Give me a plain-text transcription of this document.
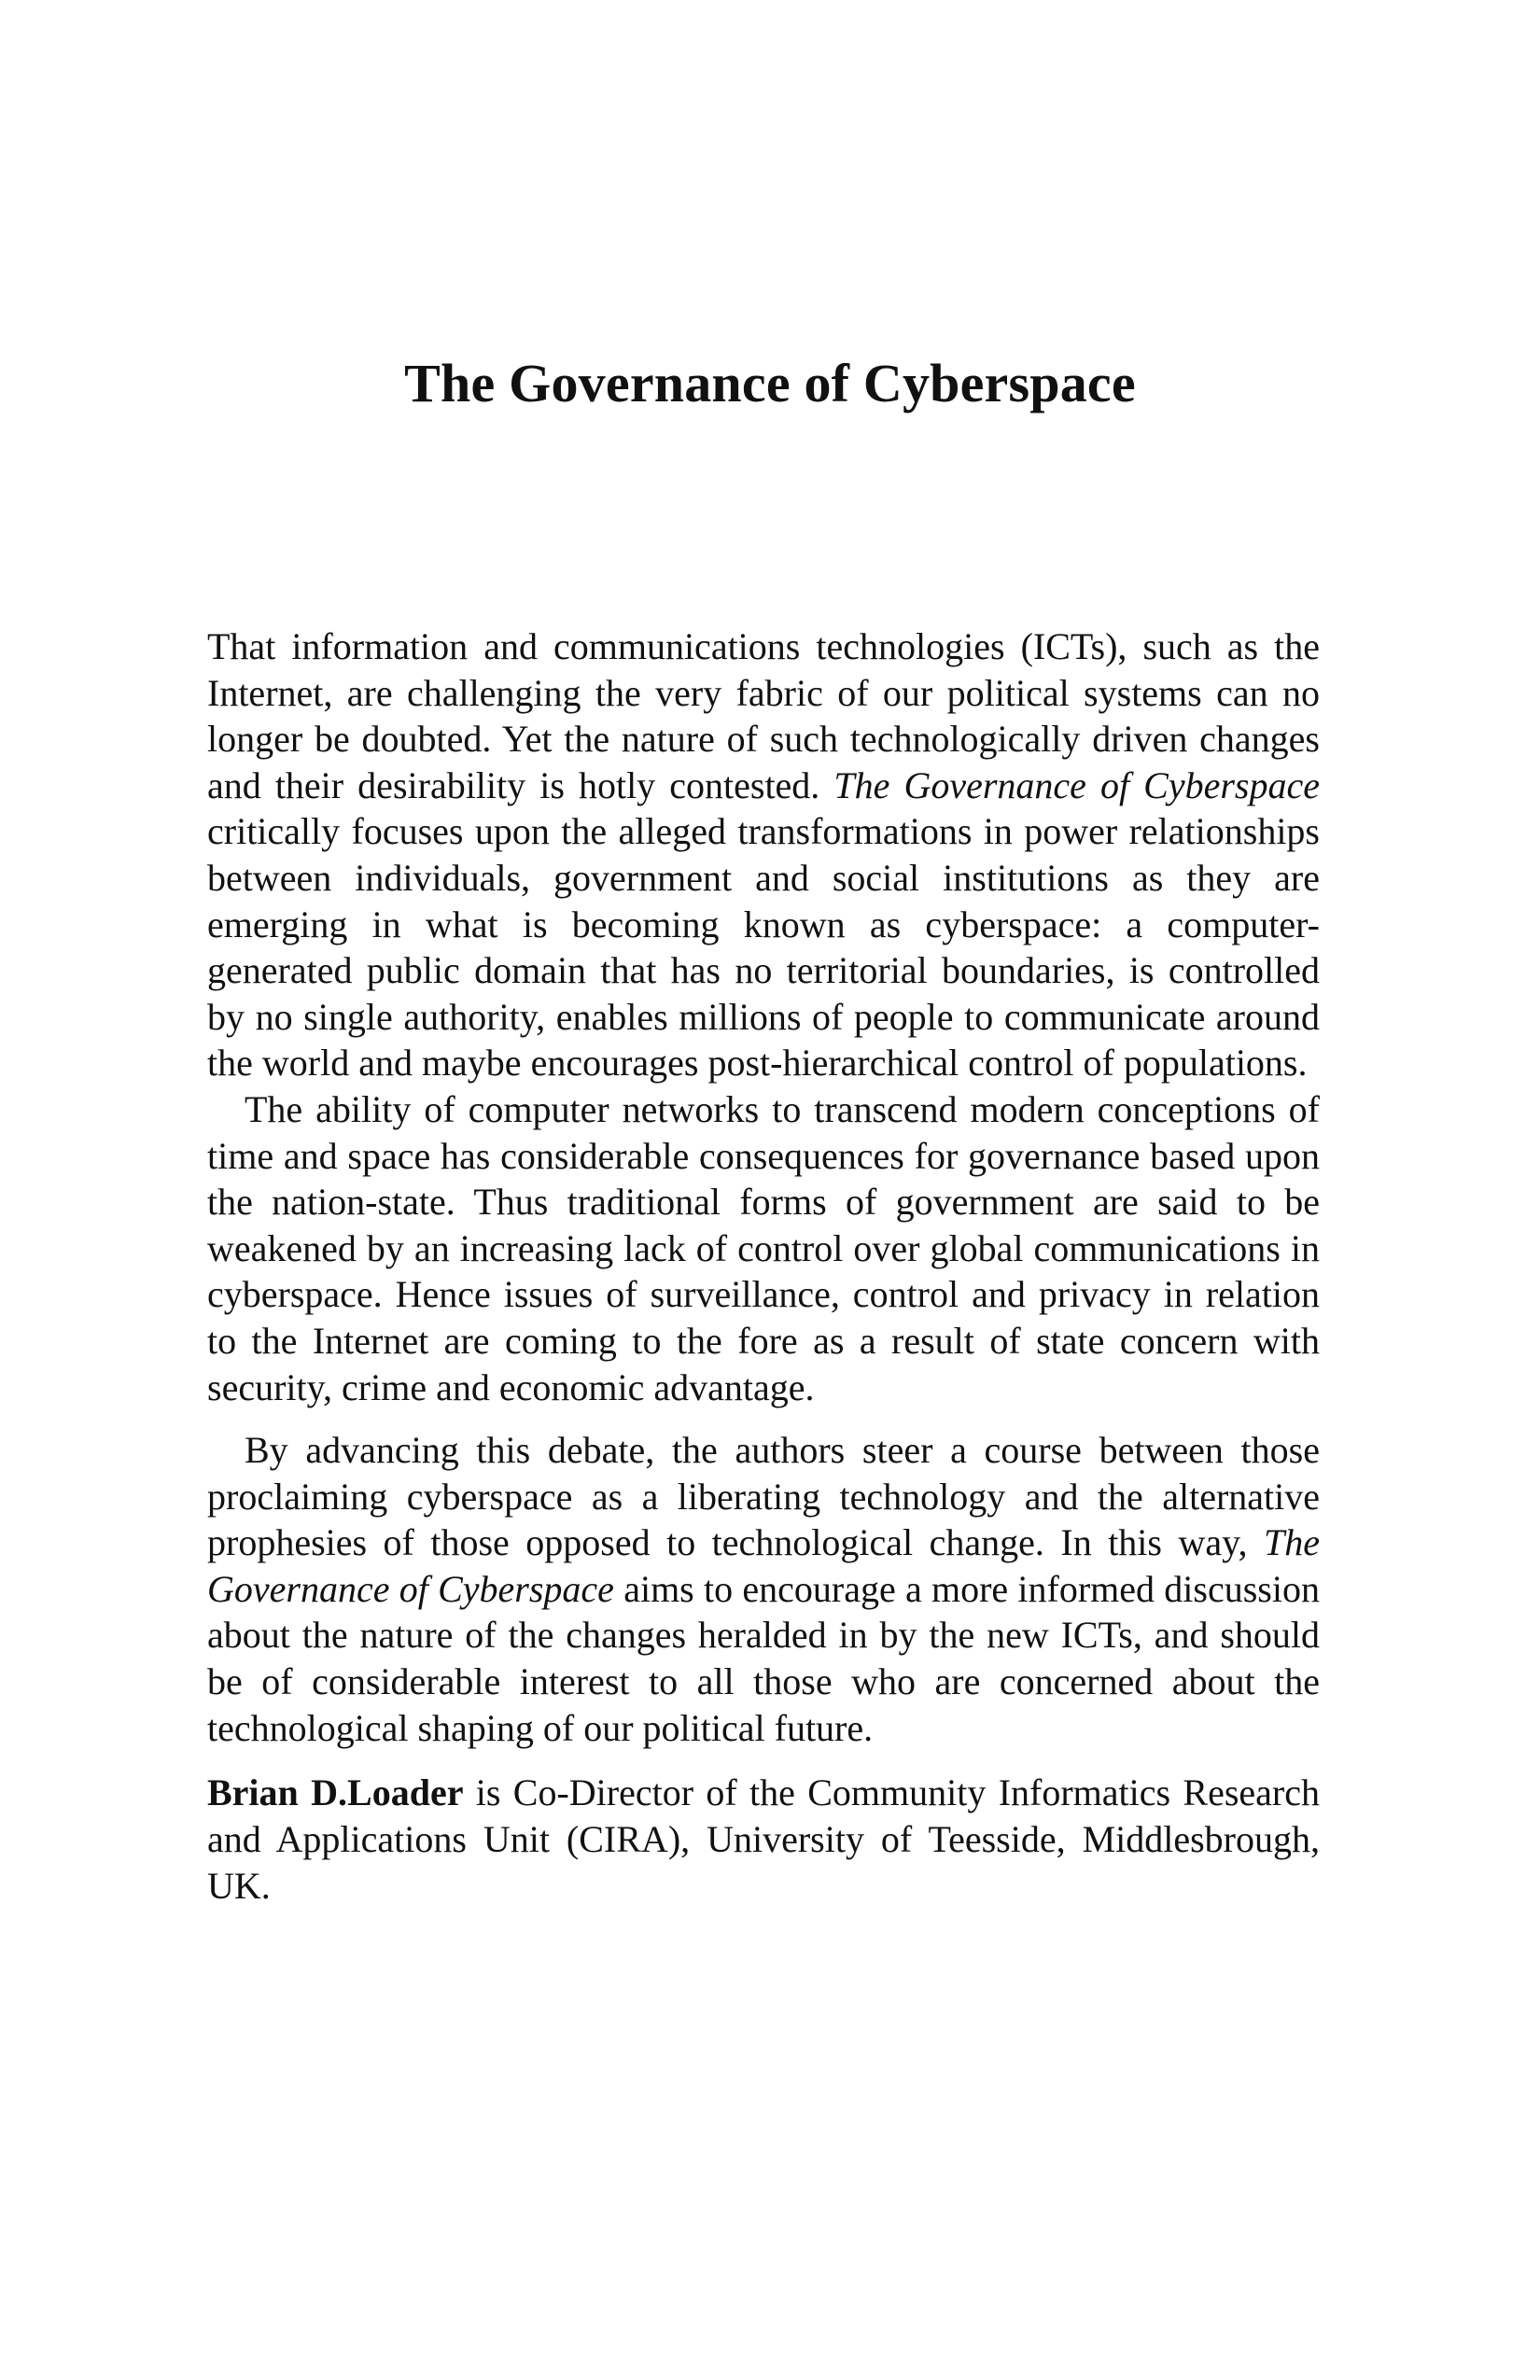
The Governance of Cyberspace

That information and communications technologies (ICTs), such as the Internet, are challenging the very fabric of our political systems can no longer be doubted. Yet the nature of such technologically driven changes and their desirability is hotly contested. The Governance of Cyberspace critically focuses upon the alleged transformations in power relationships between individuals, government and social institutions as they are emerging in what is becoming known as cyberspace: a computer-generated public domain that has no territorial boundaries, is controlled by no single authority, enables millions of people to communicate around the world and maybe encourages post-hierarchical control of populations.

The ability of computer networks to transcend modern conceptions of time and space has considerable consequences for governance based upon the nation-state. Thus traditional forms of government are said to be weakened by an increasing lack of control over global communications in cyberspace. Hence issues of surveillance, control and privacy in relation to the Internet are coming to the fore as a result of state concern with security, crime and economic advantage.

By advancing this debate, the authors steer a course between those proclaiming cyberspace as a liberating technology and the alternative prophesies of those opposed to technological change. In this way, The Governance of Cyberspace aims to encourage a more informed discussion about the nature of the changes heralded in by the new ICTs, and should be of considerable interest to all those who are concerned about the technological shaping of our political future.

Brian D.Loader is Co-Director of the Community Informatics Research and Applications Unit (CIRA), University of Teesside, Middlesbrough, UK.
